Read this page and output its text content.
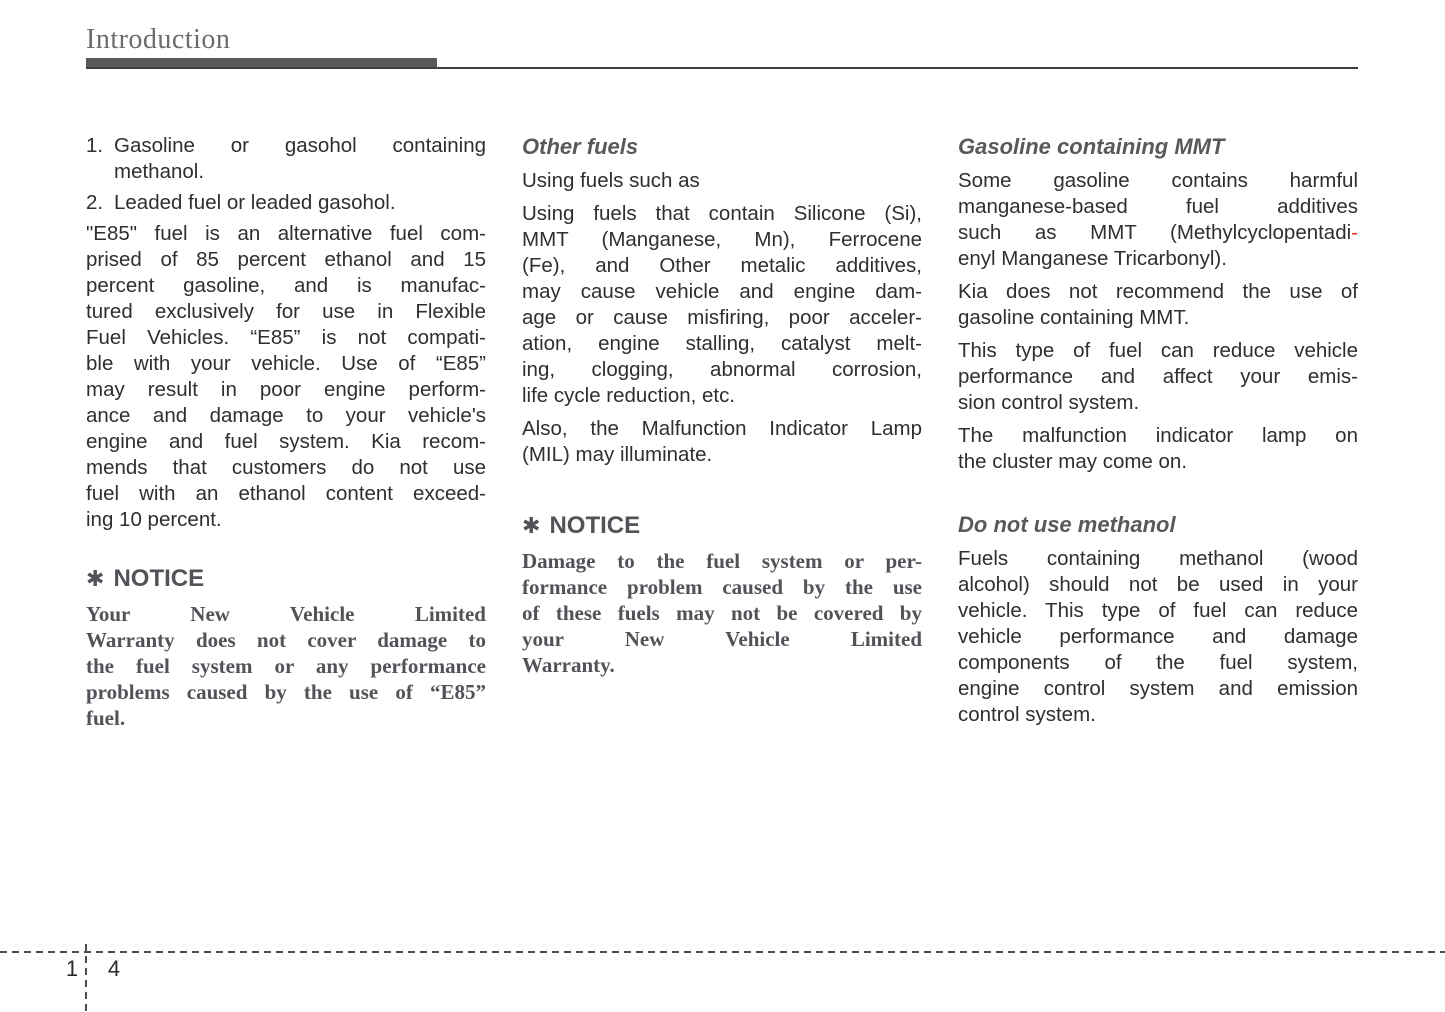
Introduction
1. Gasoline or gasohol containing
methanol.
2. Leaded fuel or leaded gasohol.

"E85" fuel is an alternative fuel com-
prised of 85 percent ethanol and 15
percent gasoline, and is manufac-
tured exclusively for use in Flexible
Fuel Vehicles. “E85” is not compati-
ble with your vehicle. Use of “E85”
may result in poor engine perform-
ance and damage to your vehicle's
engine and fuel system. Kia recom-
mends that customers do not use
fuel with an ethanol content exceed-
ing 10 percent.

✱ NOTICE

Your New Vehicle Limited
Warranty does not cover damage to
the fuel system or any performance
problems caused by the use of “E85”
fuel.

Other fuels

Using fuels such as

Using fuels that contain Silicone (Si),
MMT (Manganese, Mn), Ferrocene
(Fe), and Other metalic additives,
may cause vehicle and engine dam-
age or cause misfiring, poor acceler-
ation, engine stalling, catalyst melt-
ing, clogging, abnormal corrosion,
life cycle reduction, etc.

Also, the Malfunction Indicator Lamp
(MIL) may illuminate.

✱ NOTICE

Damage to the fuel system or per-
formance problem caused by the use
of these fuels may not be covered by
your New Vehicle Limited
Warranty.

Gasoline containing MMT

Some gasoline contains harmful
manganese-based fuel additives
such as MMT (Methylcyclopentadi-
enyl Manganese Tricarbonyl).

Kia does not recommend the use of
gasoline containing MMT.

This type of fuel can reduce vehicle
performance and affect your emis-
sion control system.

The malfunction indicator lamp on
the cluster may come on.

Do not use methanol

Fuels containing methanol (wood
alcohol) should not be used in your
vehicle. This type of fuel can reduce
vehicle performance and damage
components of the fuel system,
engine control system and emission
control system.

1	4
